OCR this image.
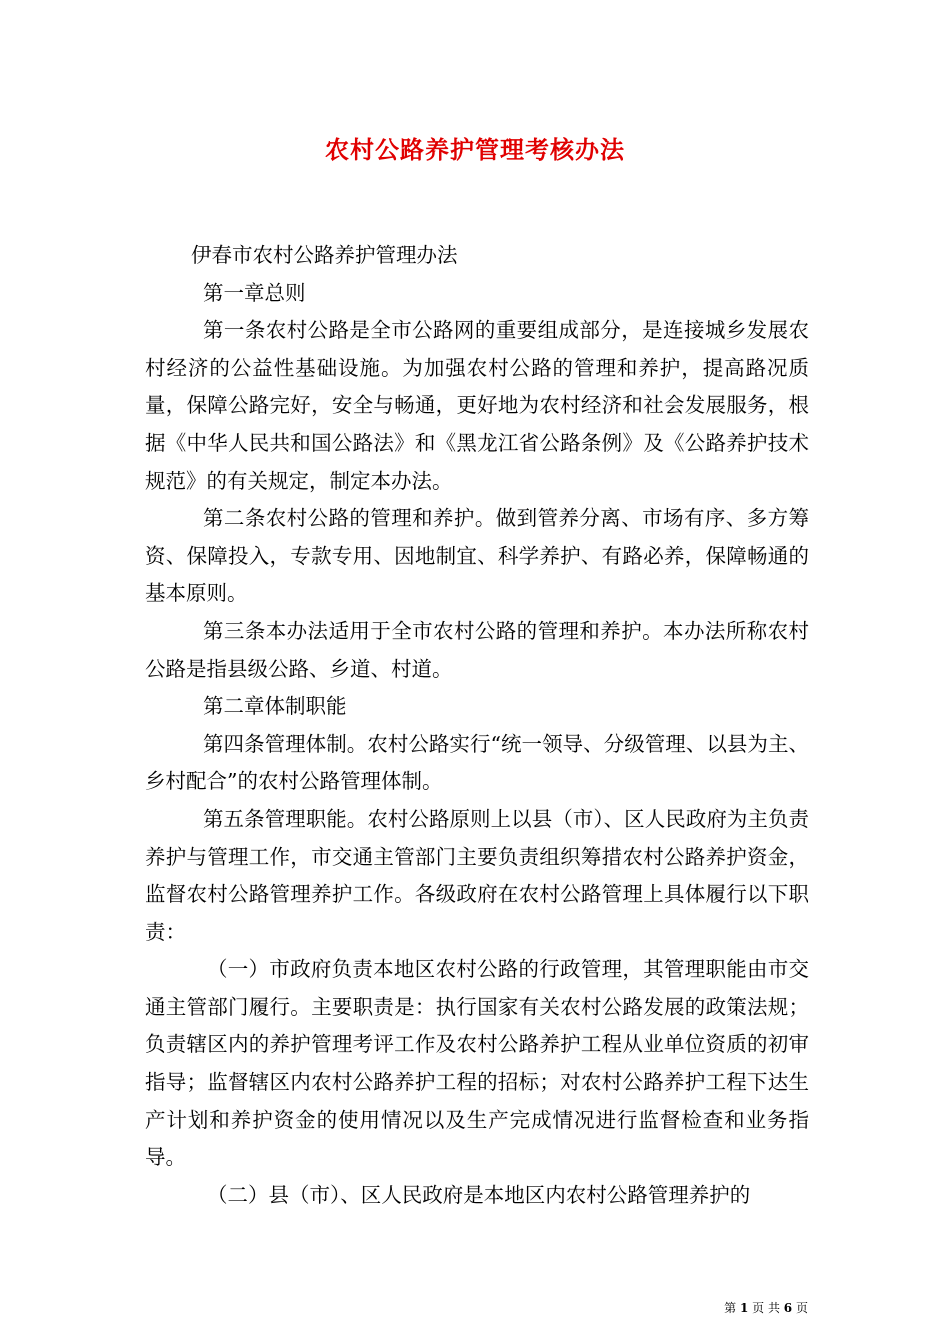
农村公路养护管理考核办法

伊春市农村公路养护管理办法

第一章总则

第一条农村公路是全市公路网的重要组成部分，是连接城乡发展农村经济的公益性基础设施。为加强农村公路的管理和养护，提高路况质量，保障公路完好，安全与畅通，更好地为农村经济和社会发展服务，根据《中华人民共和国公路法》和《黑龙江省公路条例》及《公路养护技术规范》的有关规定，制定本办法。

第二条农村公路的管理和养护。做到管养分离、市场有序、多方筹资、保障投入，专款专用、因地制宜、科学养护、有路必养，保障畅通的基本原则。

第三条本办法适用于全市农村公路的管理和养护。本办法所称农村公路是指县级公路、乡道、村道。

第二章体制职能

第四条管理体制。农村公路实行“统一领导、分级管理、以县为主、乡村配合”的农村公路管理体制。

第五条管理职能。农村公路原则上以县（市）、区人民政府为主负责养护与管理工作，市交通主管部门主要负责组织筹措农村公路养护资金，监督农村公路管理养护工作。各级政府在农村公路管理上具体履行以下职责：

（一）市政府负责本地区农村公路的行政管理，其管理职能由市交通主管部门履行。主要职责是：执行国家有关农村公路发展的政策法规；负责辖区内的养护管理考评工作及农村公路养护工程从业单位资质的初审指导；监督辖区内农村公路养护工程的招标；对农村公路养护工程下达生产计划和养护资金的使用情况以及生产完成情况进行监督检查和业务指导。

（二）县（市）、区人民政府是本地区内农村公路管理养护的

第 1 页 共 6 页
